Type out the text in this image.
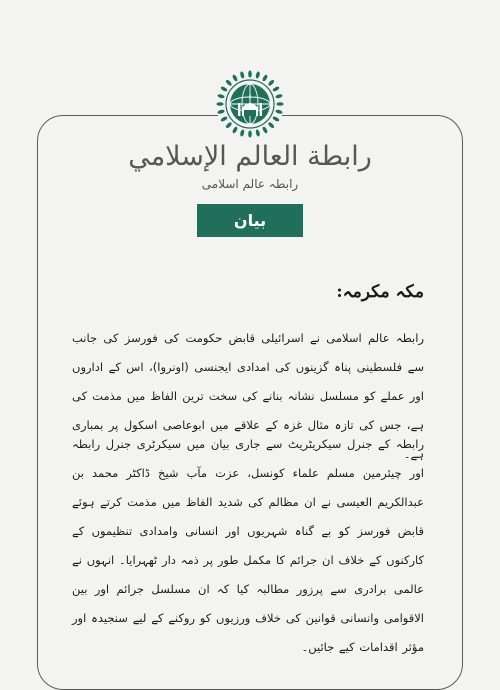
رابطة العالم الإسلامي
رابطہ عالم اسلامی
بیان
مکہ مکرمہ:
رابطہ عالم اسلامی نے اسرائیلی قابض حکومت کی فورسز کی جانب سے فلسطینی پناہ گزینوں کی امدادی ایجنسی (اونروا)، اس کے اداروں اور عملے کو مسلسل نشانہ بنانے کی سخت ترین الفاظ میں مذمت کی ہے، جس کی تازہ مثال غزہ کے علاقے میں ابوعاصی اسکول پر بمباری ہے۔
رابطہ کے جنرل سیکریٹریٹ سے جاری بیان میں سیکرٹری جنرل رابطہ اور چیئرمین مسلم علماء کونسل، عزت مآب شیخ ڈاکٹر محمد بن عبدالکریم العیسی نے ان مظالم کی شدید الفاظ میں مذمت کرتے ہوئے قابض فورسز کو بے گناہ شہریوں اور انسانی وامدادی تنظیموں کے کارکنوں کے خلاف ان جرائم کا مکمل طور پر ذمہ دار ٹھہرایا۔ انہوں نے عالمی برادری سے پرزور مطالبہ کیا کہ ان مسلسل جرائم اور بین الاقوامی وانسانی قوانین کی خلاف ورزیوں کو روکنے کے لیے سنجیدہ اور مؤثر اقدامات کیے جائیں۔
